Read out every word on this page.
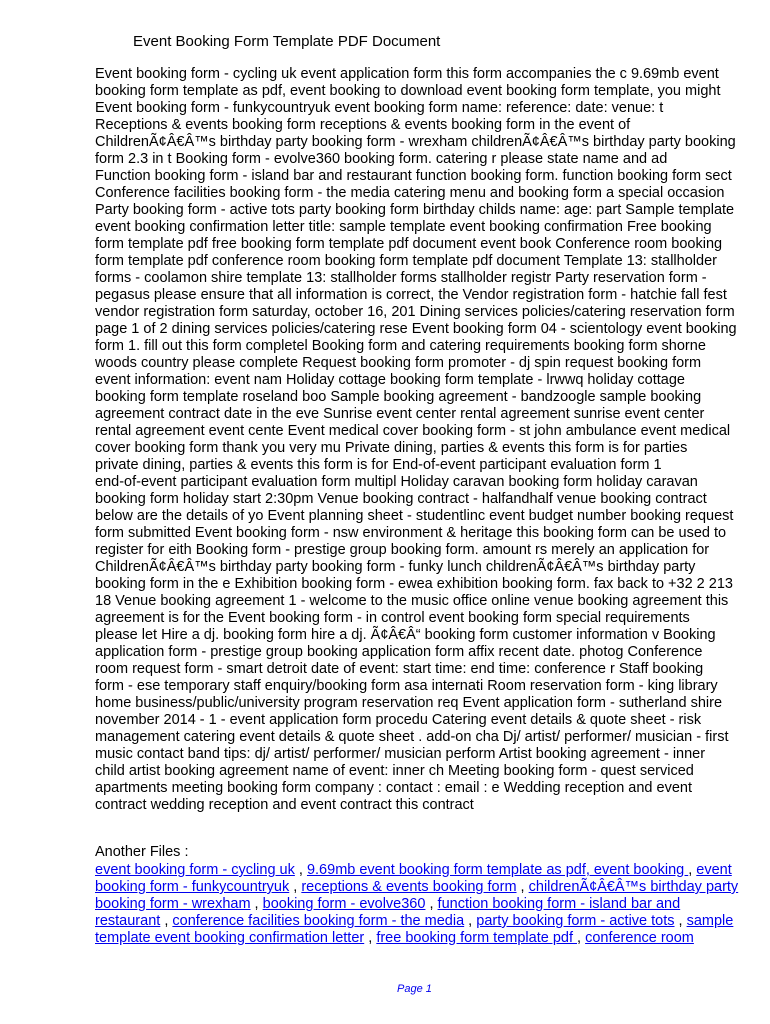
Event Booking Form Template PDF Document
Event booking form - cycling uk event application form this form accompanies the c 9.69mb event
booking form template as pdf, event booking to download event booking form template, you might
Event booking form - funkycountryuk event booking form name: reference: date: venue: t
Receptions & events booking form receptions & events booking form in the event of
ChildrenÃ¢Â€Â™s birthday party booking form - wrexham childrenÃ¢Â€Â™s birthday party booking
form 2.3 in t Booking form - evolve360 booking form. catering r please state name and ad
Function booking form - island bar and restaurant function booking form. function booking form sect
Conference facilities booking form - the media catering menu and booking form a special occasion
Party booking form - active tots party booking form birthday childs name: age: part Sample template
event booking confirmation letter title: sample template event booking confirmation Free booking
form template pdf free booking form template pdf document event book Conference room booking
form template pdf conference room booking form template pdf document Template 13: stallholder
forms - coolamon shire template 13: stallholder forms stallholder registr Party reservation form -
pegasus please ensure that all information is correct, the Vendor registration form - hatchie fall fest
vendor registration form saturday, october 16, 201 Dining services policies/catering reservation form
page 1 of 2 dining services policies/catering rese Event booking form 04 - scientology event booking
form 1. fill out this form completel Booking form and catering requirements booking form shorne
woods country please complete Request booking form promoter - dj spin request booking form
event information: event nam Holiday cottage booking form template - lrwwq holiday cottage
booking form template roseland boo Sample booking agreement - bandzoogle sample booking
agreement contract date in the eve Sunrise event center rental agreement sunrise event center
rental agreement event cente Event medical cover booking form - st john ambulance event medical
cover booking form thank you very mu Private dining, parties & events this form is for parties
private dining, parties & events this form is for End-of-event participant evaluation form 1
end-of-event participant evaluation form multipl Holiday caravan booking form holiday caravan
booking form holiday start 2:30pm Venue booking contract - halfandhalf venue booking contract
below are the details of yo Event planning sheet - studentlinc event budget number booking request
form submitted Event booking form - nsw environment & heritage this booking form can be used to
register for eith Booking form - prestige group booking form. amount rs merely an application for
ChildrenÃ¢Â€Â™s birthday party booking form - funky lunch childrenÃ¢Â€Â™s birthday party
booking form in the e Exhibition booking form - ewea exhibition booking form. fax back to +32 2 213
18 Venue booking agreement 1 - welcome to the music office online venue booking agreement this
agreement is for the Event booking form - in control event booking form special requirements
please let Hire a dj. booking form hire a dj. Ã¢Â€Â“ booking form customer information v Booking
application form - prestige group booking application form affix recent date. photog Conference
room request form - smart detroit date of event: start time: end time: conference r Staff booking
form - ese temporary staff enquiry/booking form asa internati Room reservation form - king library
home business/public/university program reservation req Event application form - sutherland shire
november 2014 - 1 - event application form procedu Catering event details & quote sheet - risk
management catering event details & quote sheet . add-on cha Dj/ artist/ performer/ musician - first
music contact band tips: dj/ artist/ performer/ musician perform Artist booking agreement - inner
child artist booking agreement name of event: inner ch Meeting booking form - quest serviced
apartments meeting booking form company : contact : email : e Wedding reception and event
contract wedding reception and event contract this contract
Another Files :
event booking form - cycling uk , 9.69mb event booking form template as pdf, event booking , event
booking form - funkycountryuk , receptions & events booking form , childrenÃ¢Â€Â™s birthday party
booking form - wrexham , booking form - evolve360 , function booking form - island bar and
restaurant , conference facilities booking form - the media , party booking form - active tots , sample
template event booking confirmation letter , free booking form template pdf , conference room
Page 1
